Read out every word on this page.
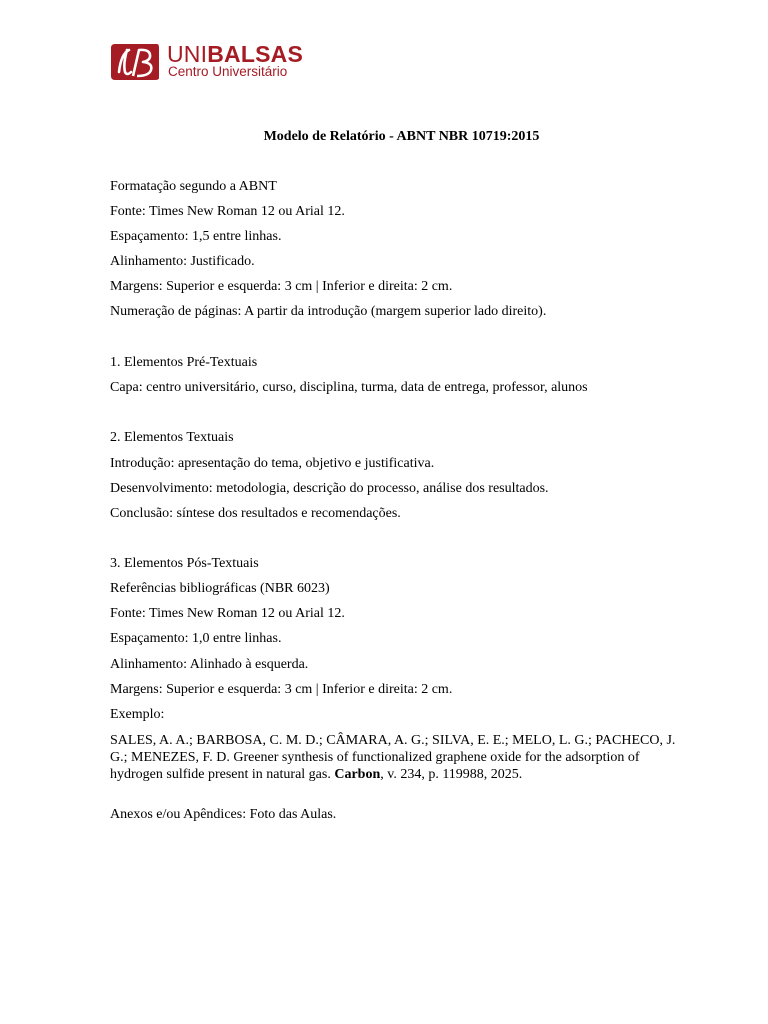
UNIBALSAS
Centro Universitário
Modelo de Relatório - ABNT NBR 10719:2015
Formatação segundo a ABNT
Fonte: Times New Roman 12 ou Arial 12.
Espaçamento: 1,5 entre linhas.
Alinhamento: Justificado.
Margens: Superior e esquerda: 3 cm | Inferior e direita: 2 cm.
Numeração de páginas: A partir da introdução (margem superior lado direito).
1. Elementos Pré-Textuais
Capa: centro universitário, curso, disciplina, turma, data de entrega, professor, alunos
2. Elementos Textuais
Introdução: apresentação do tema, objetivo e justificativa.
Desenvolvimento: metodologia, descrição do processo, análise dos resultados.
Conclusão: síntese dos resultados e recomendações.
3. Elementos Pós-Textuais
Referências bibliográficas (NBR 6023)
Fonte: Times New Roman 12 ou Arial 12.
Espaçamento: 1,0 entre linhas.
Alinhamento: Alinhado à esquerda.
Margens: Superior e esquerda: 3 cm | Inferior e direita: 2 cm.
Exemplo:
SALES, A. A.; BARBOSA, C. M. D.; CÂMARA, A. G.; SILVA, E. E.; MELO, L. G.; PACHECO, J. G.; MENEZES, F. D. Greener synthesis of functionalized graphene oxide for the adsorption of hydrogen sulfide present in natural gas. Carbon, v. 234, p. 119988, 2025.
Anexos e/ou Apêndices: Foto das Aulas.
